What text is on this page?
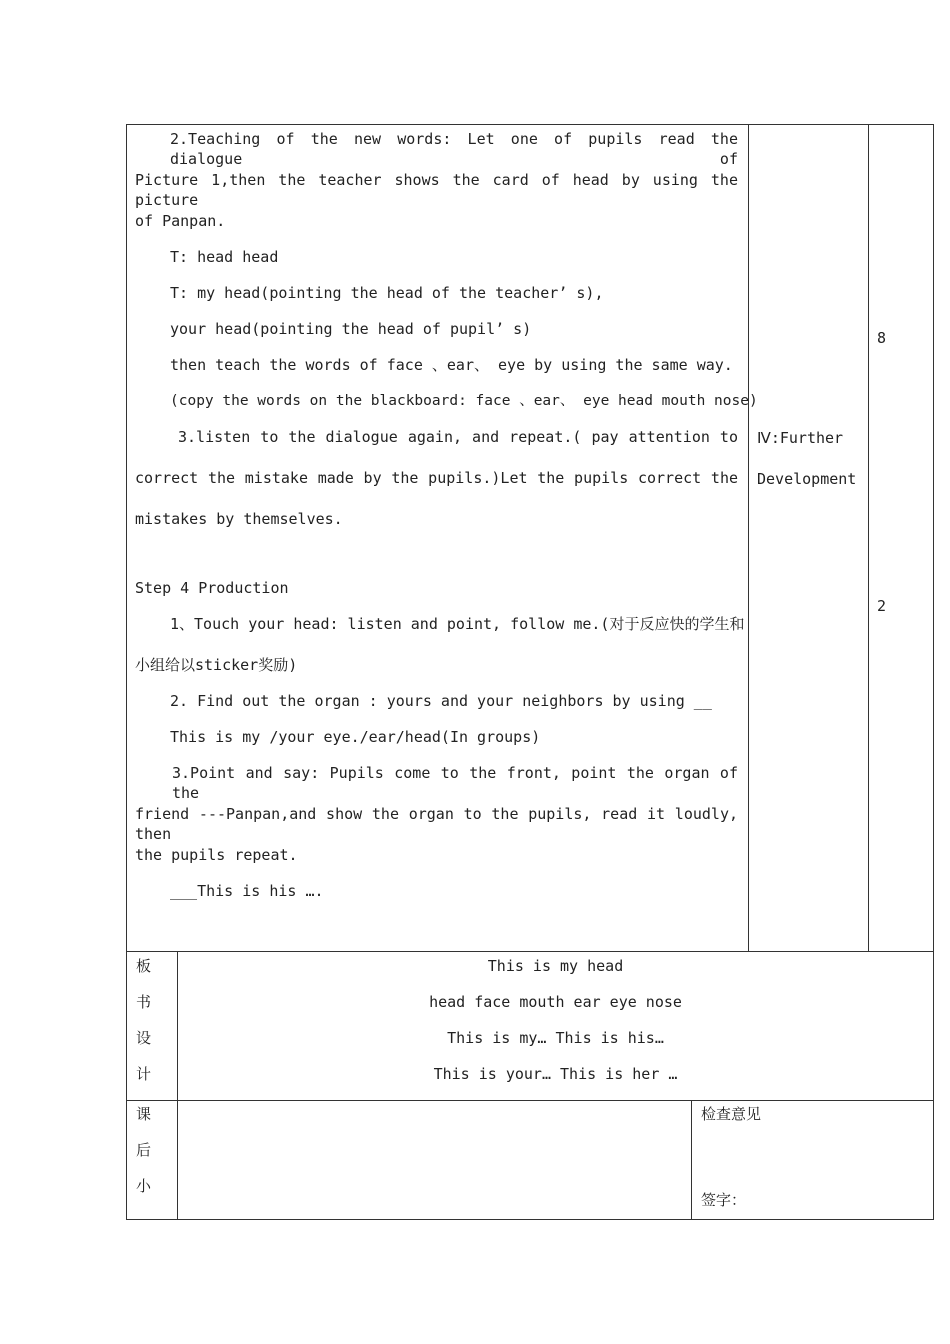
2.Teaching of the new words: Let one of pupils read the dialogue of
Picture 1,then the teacher shows the card of head by using the picture
of Panpan.
T: head head
T: my head(pointing the head of the teacher’ s),
your head(pointing the head of pupil’ s)
then teach the words of face 、ear、 eye by using the same way.
(copy the words on the blackboard: face 、ear、 eye head mouth nose)
3.listen to the dialogue again, and repeat.( pay attention to
correct the mistake made by the pupils.)Let the pupils correct the
mistakes by themselves.
Step 4 Production
1、Touch your head: listen and point, follow me.(对于反应快的学生和
小组给以sticker奖励)
2. Find out the organ : yours and your neighbors by using __
This is my /your eye./ear/head(In groups)
3.Point and say: Pupils come to the front, point the organ of the
friend ---Panpan,and show the organ to the pupils, read it loudly, then
the pupils repeat.
___This is his ….
Ⅳ:Further
Development
8
2
板
书
设
计
This is my head
head face mouth ear eye nose
This is my… This is his…
This is your… This is her …
课
后
小
检查意见
签字：
